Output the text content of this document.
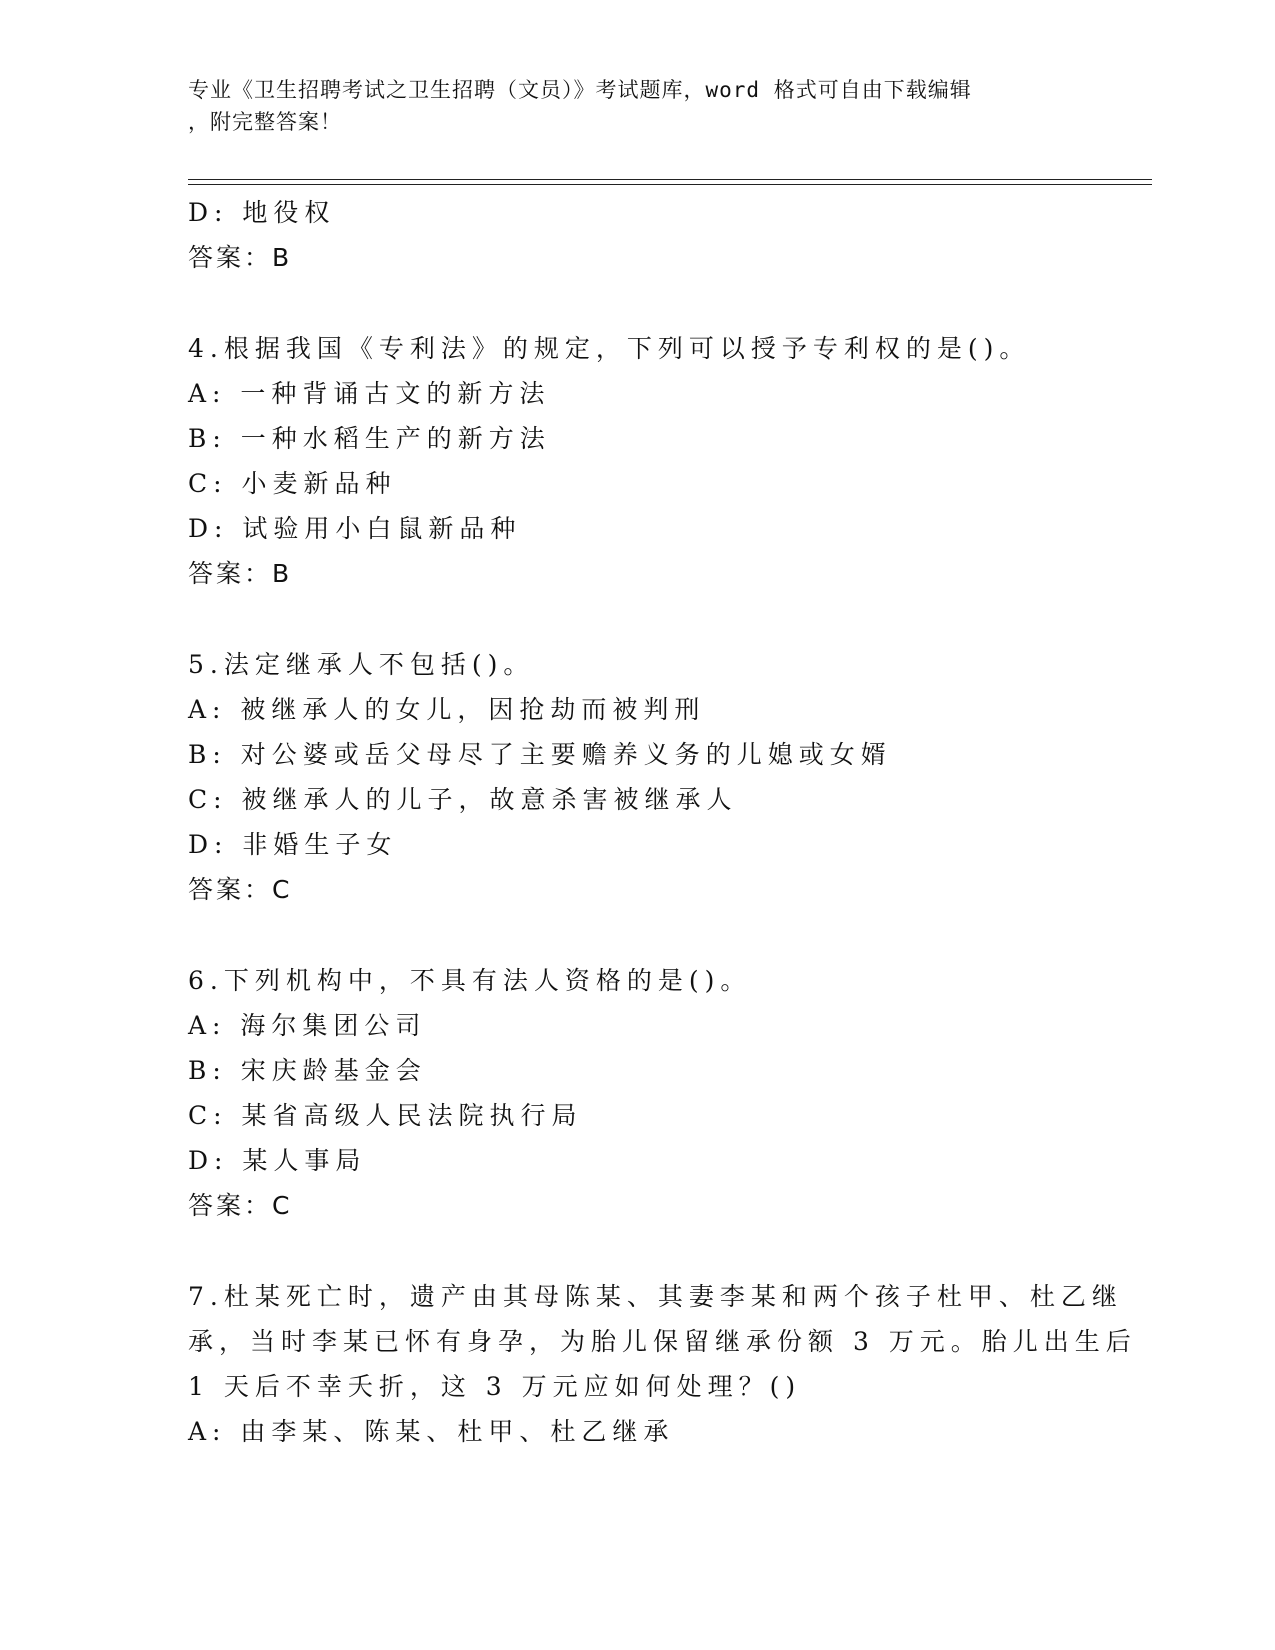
专业《卫生招聘考试之卫生招聘（文员）》考试题库，word 格式可自由下载编辑
，附完整答案！
D: 地役权
答案：B
4.根据我国《专利法》的规定，下列可以授予专利权的是()。
A: 一种背诵古文的新方法
B: 一种水稻生产的新方法
C: 小麦新品种
D: 试验用小白鼠新品种
答案：B
5.法定继承人不包括()。
A: 被继承人的女儿，因抢劫而被判刑
B: 对公婆或岳父母尽了主要赡养义务的儿媳或女婿
C: 被继承人的儿子，故意杀害被继承人
D: 非婚生子女
答案：C
6.下列机构中，不具有法人资格的是()。
A: 海尔集团公司
B: 宋庆龄基金会
C: 某省高级人民法院执行局
D: 某人事局
答案：C
7.杜某死亡时，遗产由其母陈某、其妻李某和两个孩子杜甲、杜乙继
承，当时李某已怀有身孕，为胎儿保留继承份额 3 万元。胎儿出生后
1 天后不幸夭折，这 3 万元应如何处理？()
A: 由李某、陈某、杜甲、杜乙继承
